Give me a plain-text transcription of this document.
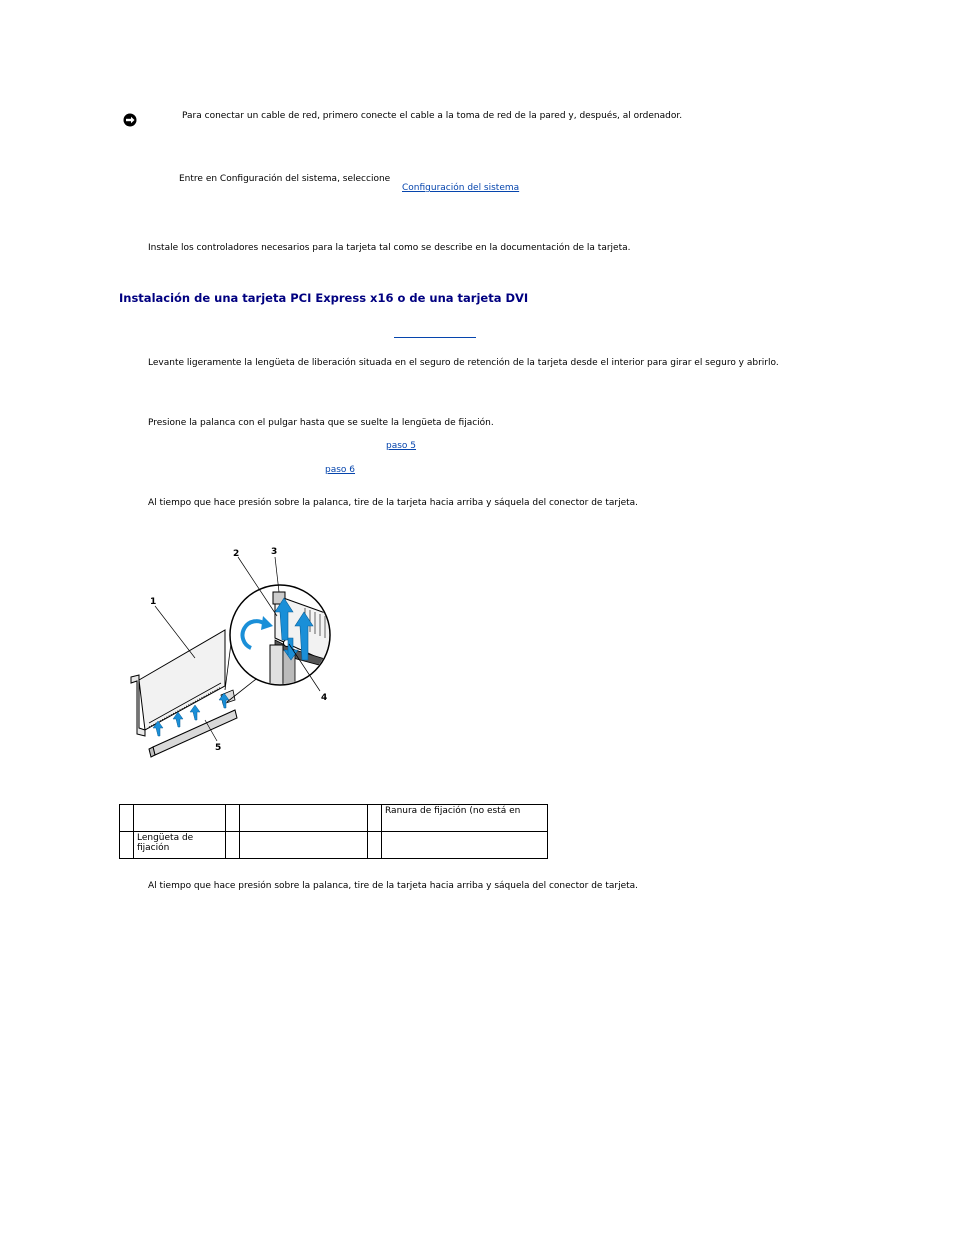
Para conectar un cable de red, primero conecte el cable a la toma de red de la pared y, después, al ordenador.
Entre en Configuración del sistema, seleccione
Configuración del sistema
Instale los controladores necesarios para la tarjeta tal como se describe en la documentación de la tarjeta.
Instalación de una tarjeta PCI Express x16 o de una tarjeta DVI
Levante ligeramente la lengüeta de liberación situada en el seguro de retención de la tarjeta desde el interior para girar el seguro y abrirlo.
Presione la palanca con el pulgar hasta que se suelte la lengüeta de fijación.
paso 5
paso 6
Al tiempo que hace presión sobre la palanca, tire de la tarjeta hacia arriba y sáquela del conector de tarjeta.
1
2	3
4
5
					Ranura de fijación (no está en
	Lengüeta de fijación				
Al tiempo que hace presión sobre la palanca, tire de la tarjeta hacia arriba y sáquela del conector de tarjeta.
